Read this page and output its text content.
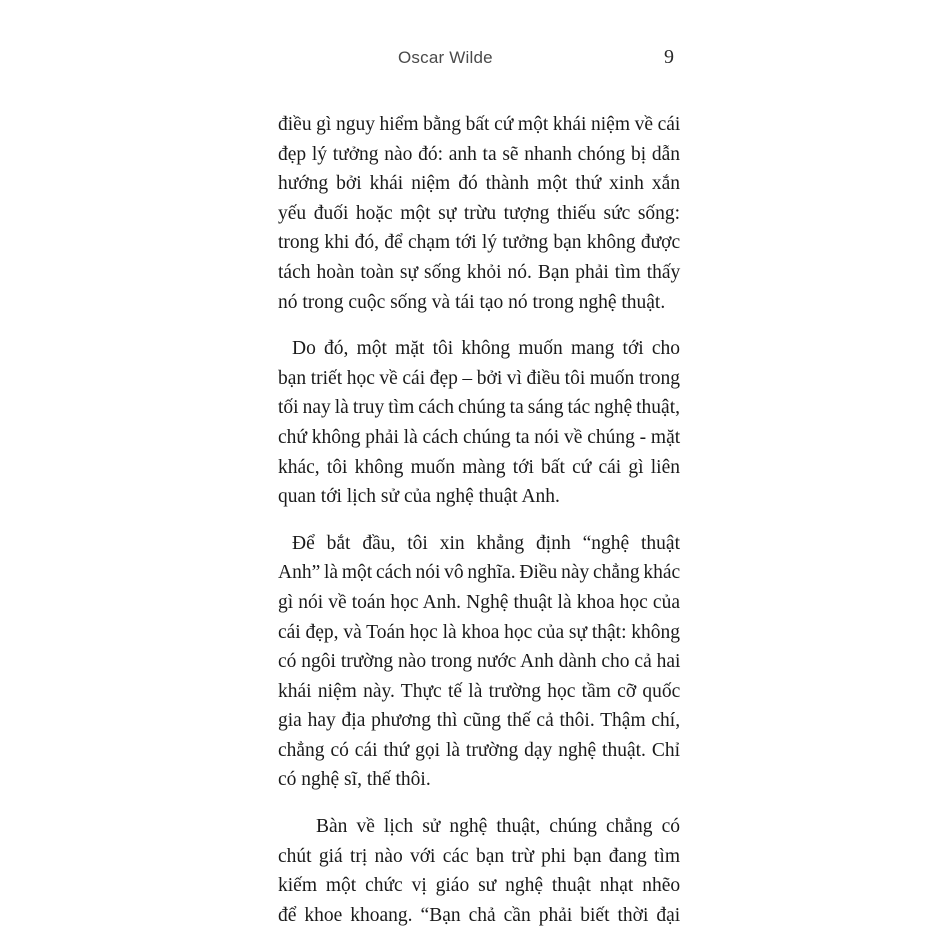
Oscar Wilde	9

điều gì nguy hiểm bằng bất cứ một khái niệm về cái
đẹp lý tưởng nào đó: anh ta sẽ nhanh chóng bị dẫn
hướng bởi khái niệm đó thành một thứ xinh xắn
yếu đuối hoặc một sự trừu tượng thiếu sức sống:
trong khi đó, để chạm tới lý tưởng bạn không được
tách hoàn toàn sự sống khỏi nó. Bạn phải tìm thấy
nó trong cuộc sống và tái tạo nó trong nghệ thuật.

Do đó, một mặt tôi không muốn mang tới cho
bạn triết học về cái đẹp – bởi vì điều tôi muốn trong
tối nay là truy tìm cách chúng ta sáng tác nghệ thuật,
chứ không phải là cách chúng ta nói về chúng - mặt
khác, tôi không muốn màng tới bất cứ cái gì liên
quan tới lịch sử của nghệ thuật Anh.

Để bắt đầu, tôi xin khẳng định “nghệ thuật
Anh” là một cách nói vô nghĩa. Điều này chẳng khác
gì nói về toán học Anh. Nghệ thuật là khoa học của
cái đẹp, và Toán học là khoa học của sự thật: không
có ngôi trường nào trong nước Anh dành cho cả hai
khái niệm này. Thực tế là trường học tầm cỡ quốc
gia hay địa phương thì cũng thế cả thôi. Thậm chí,
chẳng có cái thứ gọi là trường dạy nghệ thuật. Chỉ
có nghệ sĩ, thế thôi.

Bàn về lịch sử nghệ thuật, chúng chẳng có
chút giá trị nào với các bạn trừ phi bạn đang tìm
kiếm một chức vị giáo sư nghệ thuật nhạt nhẽo
để khoe khoang. “Bạn chả cần phải biết thời đại
